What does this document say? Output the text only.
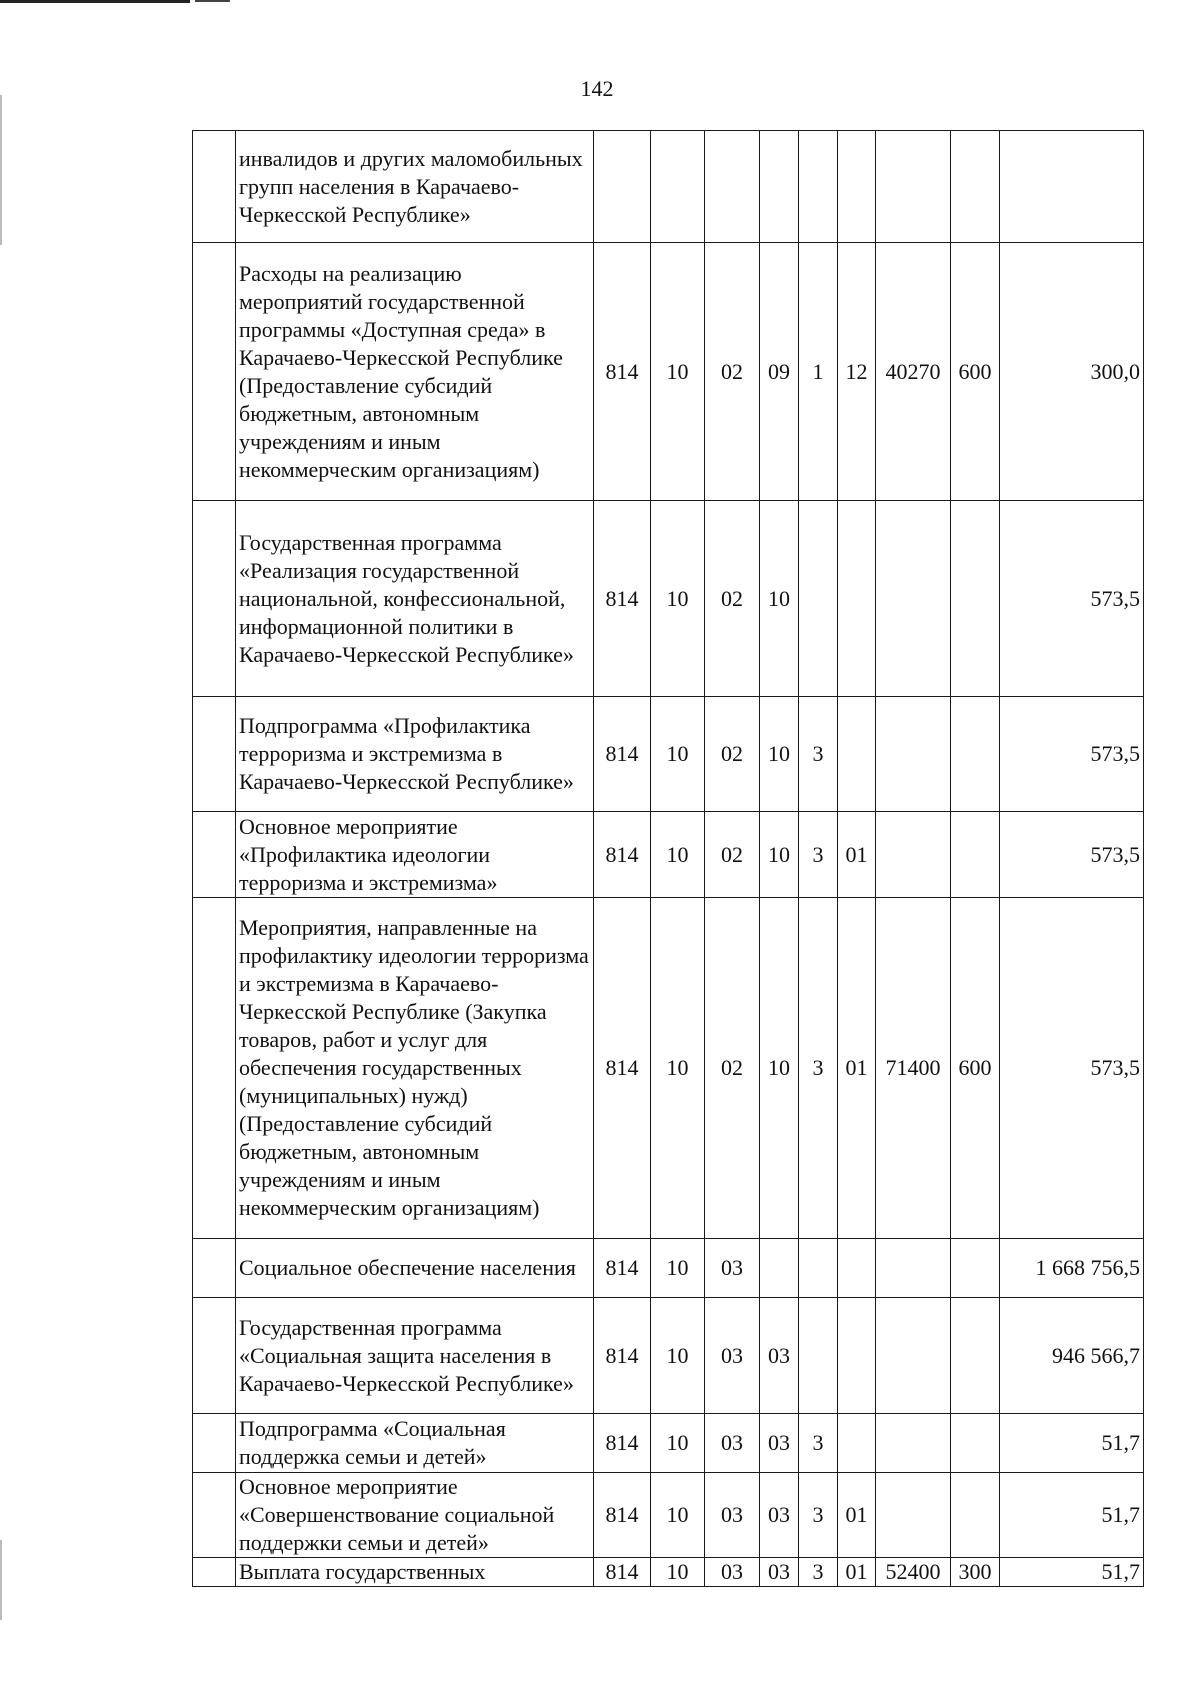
142
	инвалидов и других маломобильных групп населения в Карачаево-Черкесской Республике»									
	Расходы на реализацию мероприятий государственной программы «Доступная среда» в Карачаево-Черкесской Республике (Предоставление субсидий бюджетным, автономным учреждениям и иным некоммерческим организациям)	814	10	02	09	1	12	40270	600	300,0
	Государственная программа «Реализация государственной национальной, конфессиональной, информационной политики в Карачаево-Черкесской Республике»	814	10	02	10					573,5
	Подпрограмма «Профилактика терроризма и экстремизма в Карачаево-Черкесской Республике»	814	10	02	10	3				573,5
	Основное мероприятие «Профилактика идеологии терроризма и экстремизма»	814	10	02	10	3	01			573,5
	Мероприятия, направленные на профилактику идеологии терроризма и экстремизма в Карачаево-Черкесской Республике (Закупка товаров, работ и услуг для обеспечения государственных (муниципальных) нужд) (Предоставление субсидий бюджетным, автономным учреждениям и иным некоммерческим организациям)	814	10	02	10	3	01	71400	600	573,5
	Социальное обеспечение населения	814	10	03						1 668 756,5
	Государственная программа «Социальная защита населения в Карачаево-Черкесской Республике»	814	10	03	03					946 566,7
	Подпрограмма «Социальная поддержка семьи и детей»	814	10	03	03	3				51,7
	Основное мероприятие «Совершенствование социальной поддержки семьи и детей»	814	10	03	03	3	01			51,7
	Выплата государственных	814	10	03	03	3	01	52400	300	51,7
